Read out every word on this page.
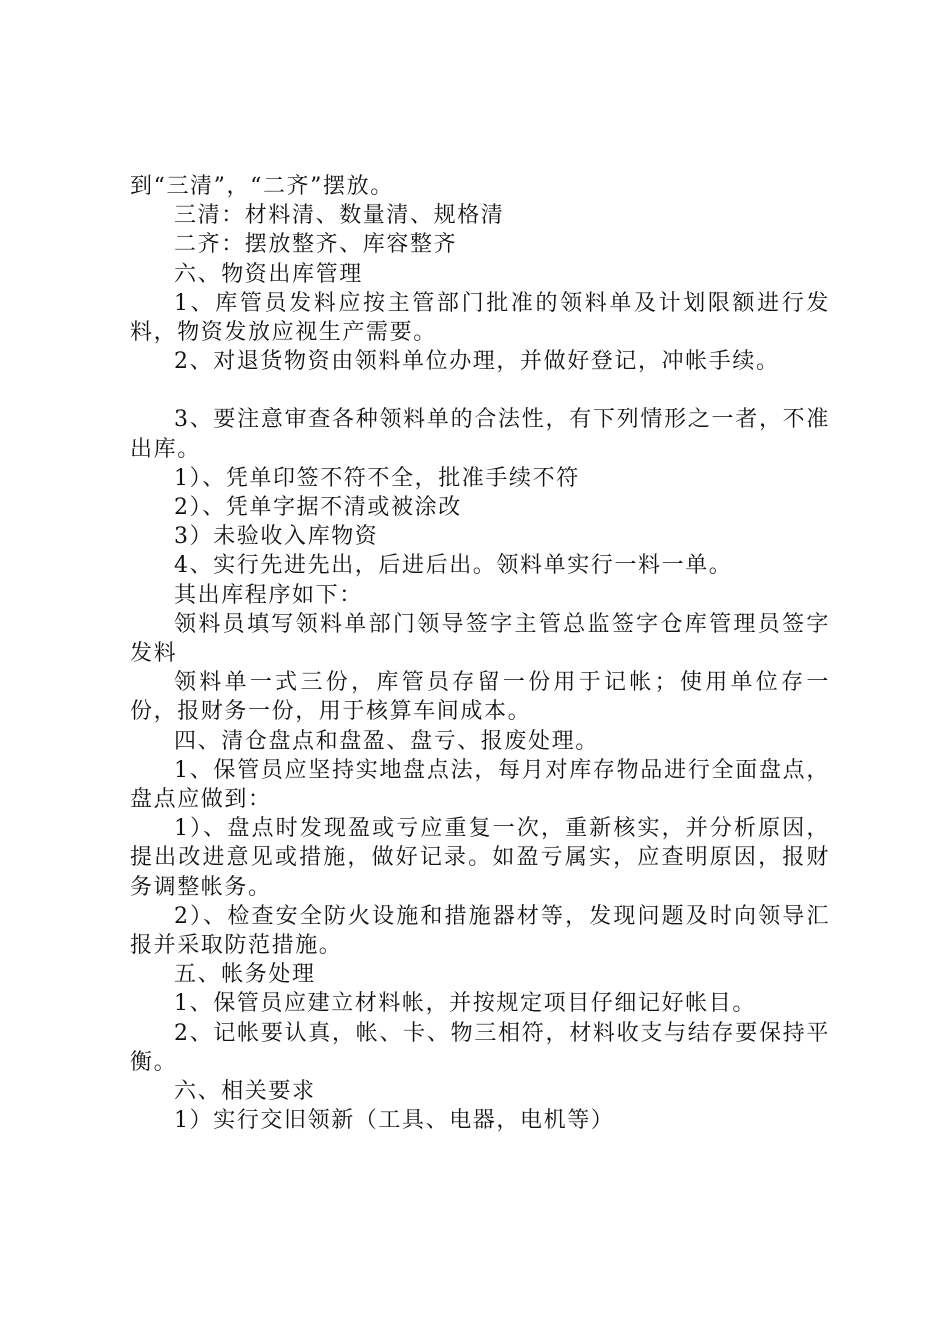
到“三清”，“二齐”摆放。

三清：材料清、数量清、规格清

二齐：摆放整齐、库容整齐

六、物资出库管理

1、库管员发料应按主管部门批准的领料单及计划限额进行发料，物资发放应视生产需要。

2、对退货物资由领料单位办理，并做好登记，冲帐手续。

3、要注意审查各种领料单的合法性，有下列情形之一者，不准出库。

1）、凭单印签不符不全，批准手续不符

2）、凭单字据不清或被涂改

3）未验收入库物资

4、实行先进先出，后进后出。领料单实行一料一单。

其出库程序如下：

领料员填写领料单部门领导签字主管总监签字仓库管理员签字发料

领料单一式三份，库管员存留一份用于记帐；使用单位存一份，报财务一份，用于核算车间成本。

四、清仓盘点和盘盈、盘亏、报废处理。

1、保管员应坚持实地盘点法，每月对库存物品进行全面盘点，盘点应做到：

1）、盘点时发现盈或亏应重复一次，重新核实，并分析原因，提出改进意见或措施，做好记录。如盈亏属实，应查明原因，报财务调整帐务。

2）、检查安全防火设施和措施器材等，发现问题及时向领导汇报并采取防范措施。

五、帐务处理

1、保管员应建立材料帐，并按规定项目仔细记好帐目。

2、记帐要认真，帐、卡、物三相符，材料收支与结存要保持平衡。

六、相关要求

1）实行交旧领新（工具、电器，电机等）
